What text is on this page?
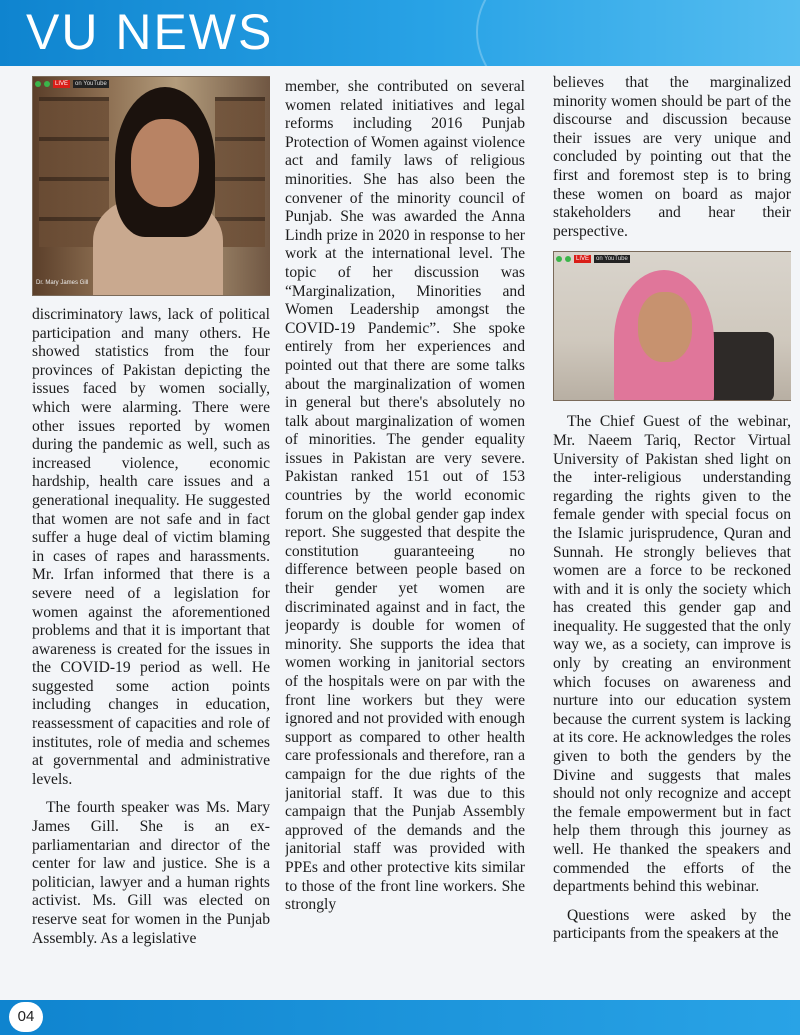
VU NEWS
LIVE	on YouTube
Dr. Mary James Gill

discriminatory laws, lack of political participation and many others. He showed statistics from the four provinces of Pakistan depicting the issues faced by women socially, which were alarming. There were other issues reported by women during the pandemic as well, such as increased violence, economic hardship, health care issues and a generational inequality. He suggested that women are not safe and in fact suffer a huge deal of victim blaming in cases of rapes and harassments. Mr. Irfan informed that there is a severe need of a legislation for women against the aforementioned problems and that it is important that awareness is created for the issues in the COVID-19 period as well. He suggested some action points including changes in education, reassessment of capacities and role of institutes, role of media and schemes at governmental and administrative levels.

The fourth speaker was Ms. Mary James Gill. She is an ex-parliamentarian and director of the center for law and justice. She is a politician, lawyer and a human rights activist. Ms. Gill was elected on reserve seat for women in the Punjab Assembly. As a legislative

member, she contributed on several women related initiatives and legal reforms including 2016 Punjab Protection of Women against violence act and family laws of religious minorities. She has also been the convener of the minority council of Punjab. She was awarded the Anna Lindh prize in 2020 in response to her work at the international level. The topic of her discussion was “Marginalization, Minorities and Women Leadership amongst the COVID-19 Pandemic”. She spoke entirely from her experiences and pointed out that there are some talks about the marginalization of women in general but there's absolutely no talk about marginalization of women of minorities. The gender equality issues in Pakistan are very severe. Pakistan ranked 151 out of 153 countries by the world economic forum on the global gender gap index report. She suggested that despite the constitution guaranteeing no difference between people based on their gender yet women are discriminated against and in fact, the jeopardy is double for women of minority. She supports the idea that women working in janitorial sectors of the hospitals were on par with the front line workers but they were ignored and not provided with enough support as compared to other health care professionals and therefore, ran a campaign for the due rights of the janitorial staff. It was due to this campaign that the Punjab Assembly approved of the demands and the janitorial staff was provided with PPEs and other protective kits similar to those of the front line workers. She strongly

believes that the marginalized minority women should be part of the discourse and discussion because their issues are very unique and concluded by pointing out that the first and foremost step is to bring these women on board as major stakeholders and hear their perspective.

LIVE	on YouTube

The Chief Guest of the webinar, Mr. Naeem Tariq, Rector Virtual University of Pakistan shed light on the inter-religious understanding regarding the rights given to the female gender with special focus on the Islamic jurisprudence, Quran and Sunnah. He strongly believes that women are a force to be reckoned with and it is only the society which has created this gender gap and inequality. He suggested that the only way we, as a society, can improve is only by creating an environment which focuses on awareness and nurture into our education system because the current system is lacking at its core. He acknowledges the roles given to both the genders by the Divine and suggests that males should not only recognize and accept the female empowerment but in fact help them through this journey as well. He thanked the speakers and commended the efforts of the departments behind this webinar.

Questions were asked by the participants from the speakers at the

04
